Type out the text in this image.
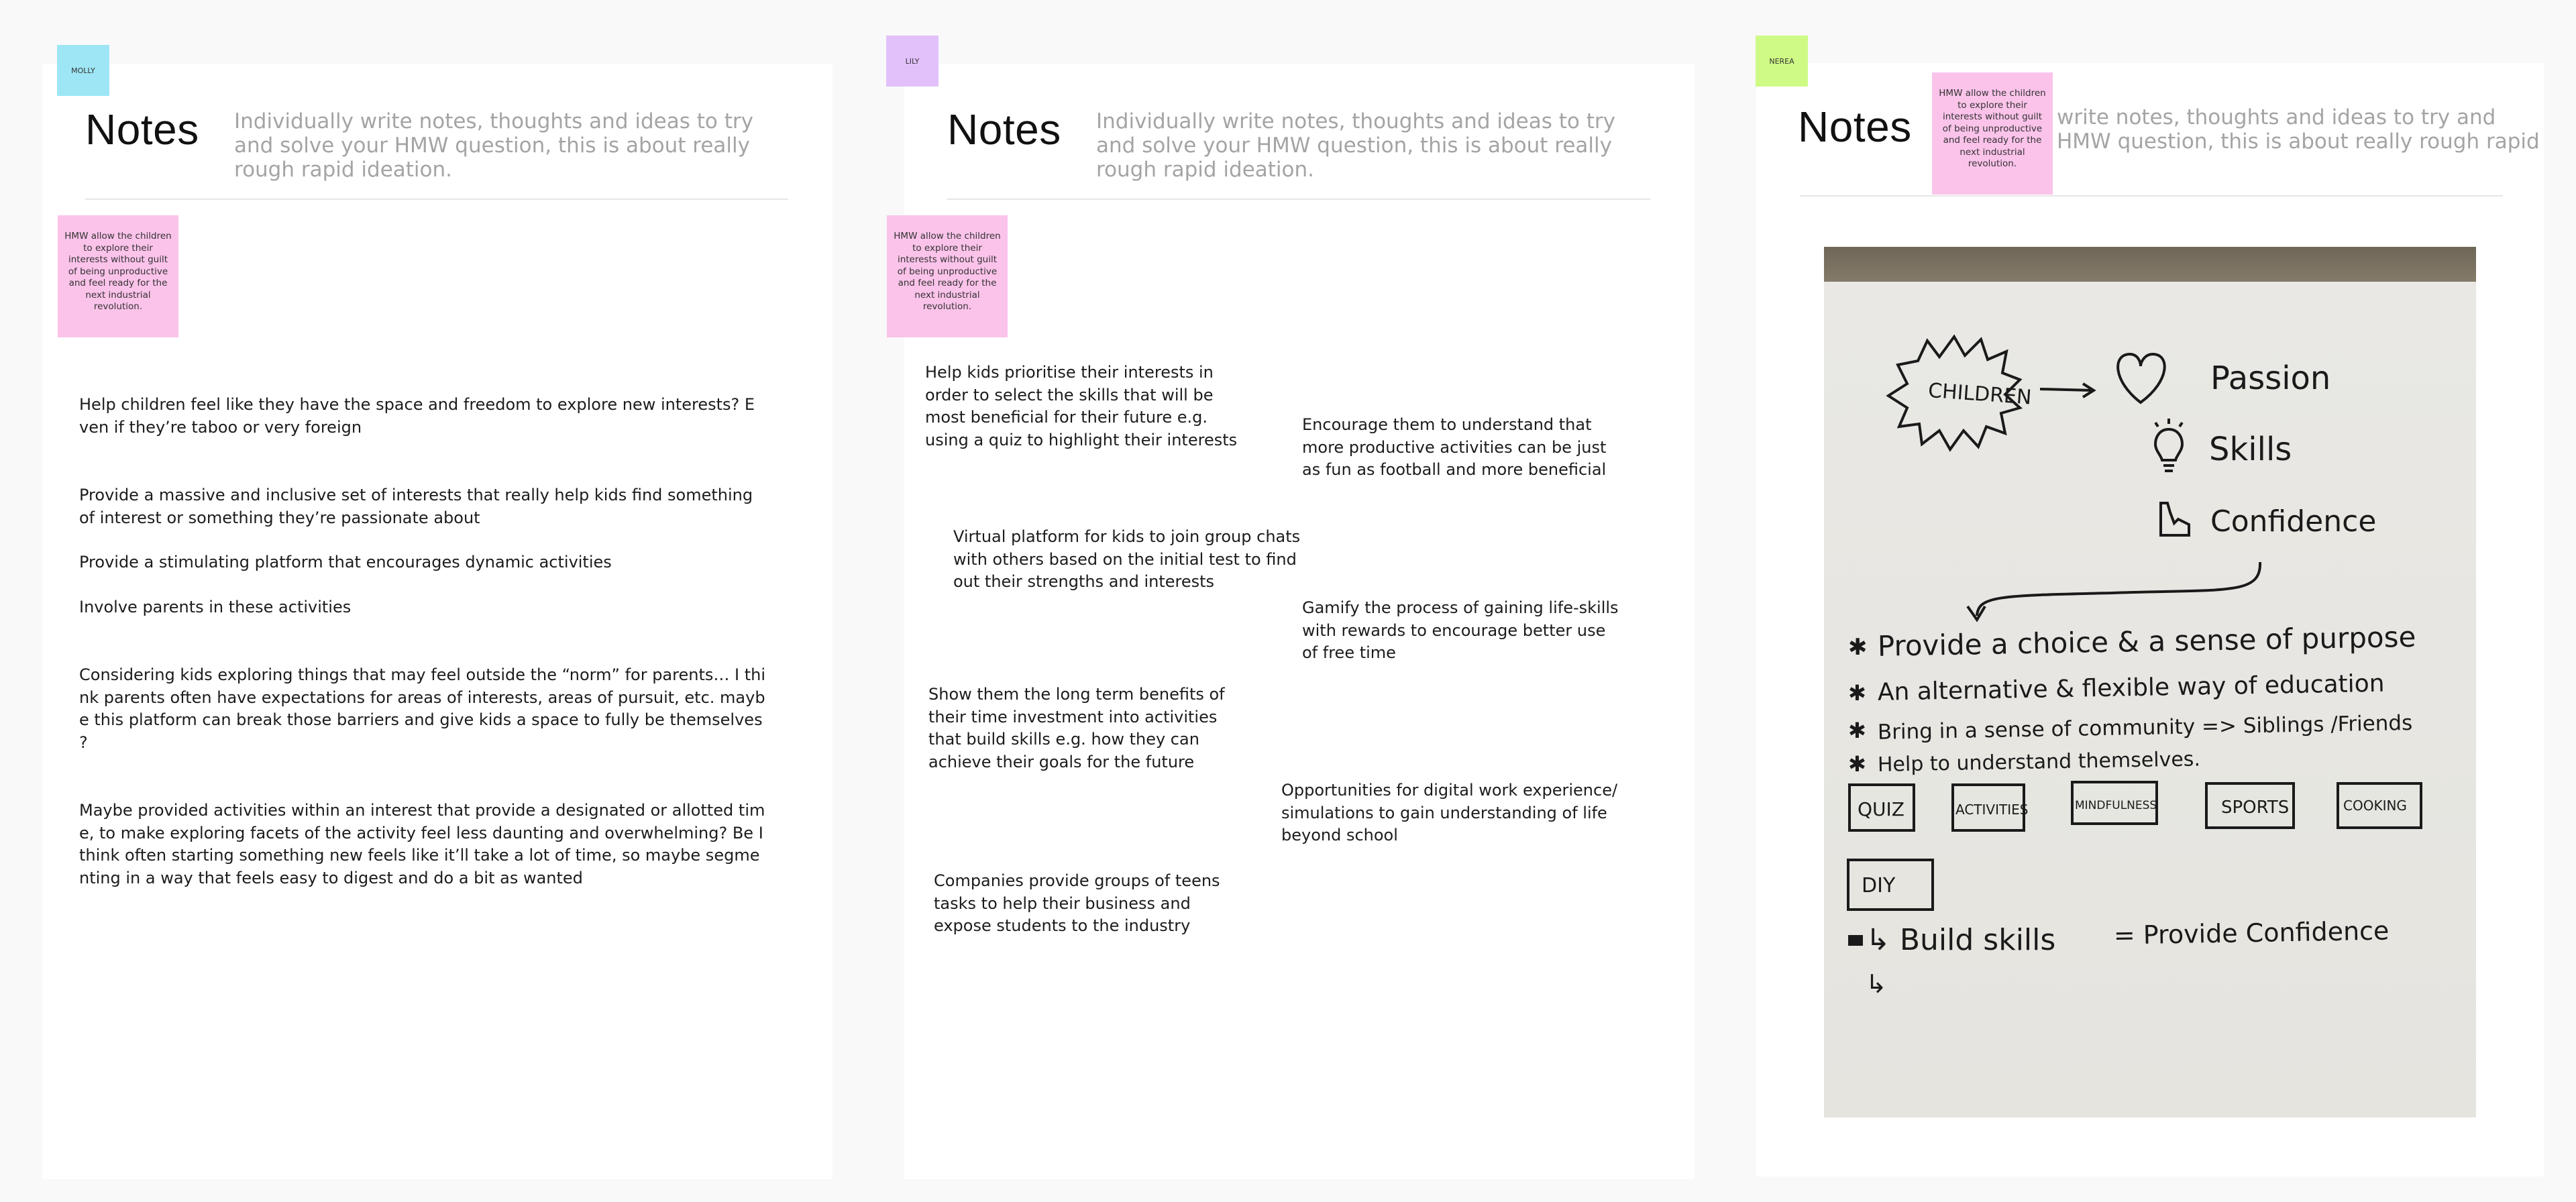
MOLLY
Notes Individually write notes, thoughts and ideas to try and solve your HMW question, this is about really rough rapid ideation.
HMW allow the children to explore their interests without guilt of being unproductive and feel ready for the next industrial revolution.

Help children feel like they have the space and freedom to explore new interests? E
ven if they’re taboo or very foreign

Provide a massive and inclusive set of interests that really help kids find something
of interest or something they’re passionate about

Provide a stimulating platform that encourages dynamic activities

Involve parents in these activities

Considering kids exploring things that may feel outside the “norm” for parents… I thi
nk parents often have expectations for areas of interests, areas of pursuit, etc. mayb
e this platform can break those barriers and give kids a space to fully be themselves
?

Maybe provided activities within an interest that provide a designated or allotted tim
e, to make exploring facets of the activity feel less daunting and overwhelming? Be I
think often starting something new feels like it’ll take a lot of time, so maybe segme
nting in a way that feels easy to digest and do a bit as wanted

LILY
Notes Individually write notes, thoughts and ideas to try and solve your HMW question, this is about really rough rapid ideation.
HMW allow the children to explore their interests without guilt of being unproductive and feel ready for the next industrial revolution.

Help kids prioritise their interests in
order to select the skills that will be
most beneficial for their future e.g.
using a quiz to highlight their interests

Encourage them to understand that
more productive activities can be just
as fun as football and more beneficial

Virtual platform for kids to join group chats
with others based on the initial test to find
out their strengths and interests

Gamify the process of gaining life-skills
with rewards to encourage better use
of free time

Show them the long term benefits of
their time investment into activities
that build skills e.g. how they can
achieve their goals for the future

Opportunities for digital work experience/
simulations to gain understanding of life
beyond school

Companies provide groups of teens
tasks to help their business and
expose students to the industry

NEREA
Notes	write notes, thoughts and ideas to try and
HMW question, this is about really rough rapid
HMW allow the children to explore their interests without guilt of being unproductive and feel ready for the next industrial revolution.
CHILDREN	Passion
Skills
Confidence
✱ Provide a choice & a sense of purpose
✱ An alternative & flexible way of education
✱ Bring in a sense of community => Siblings /Friends
✱ Help to understand themselves.
QUIZ	ACTIVITIES	MINDFULNESS	SPORTS	COOKING
DIY
↳ Build skills = Provide Confidence
↳
